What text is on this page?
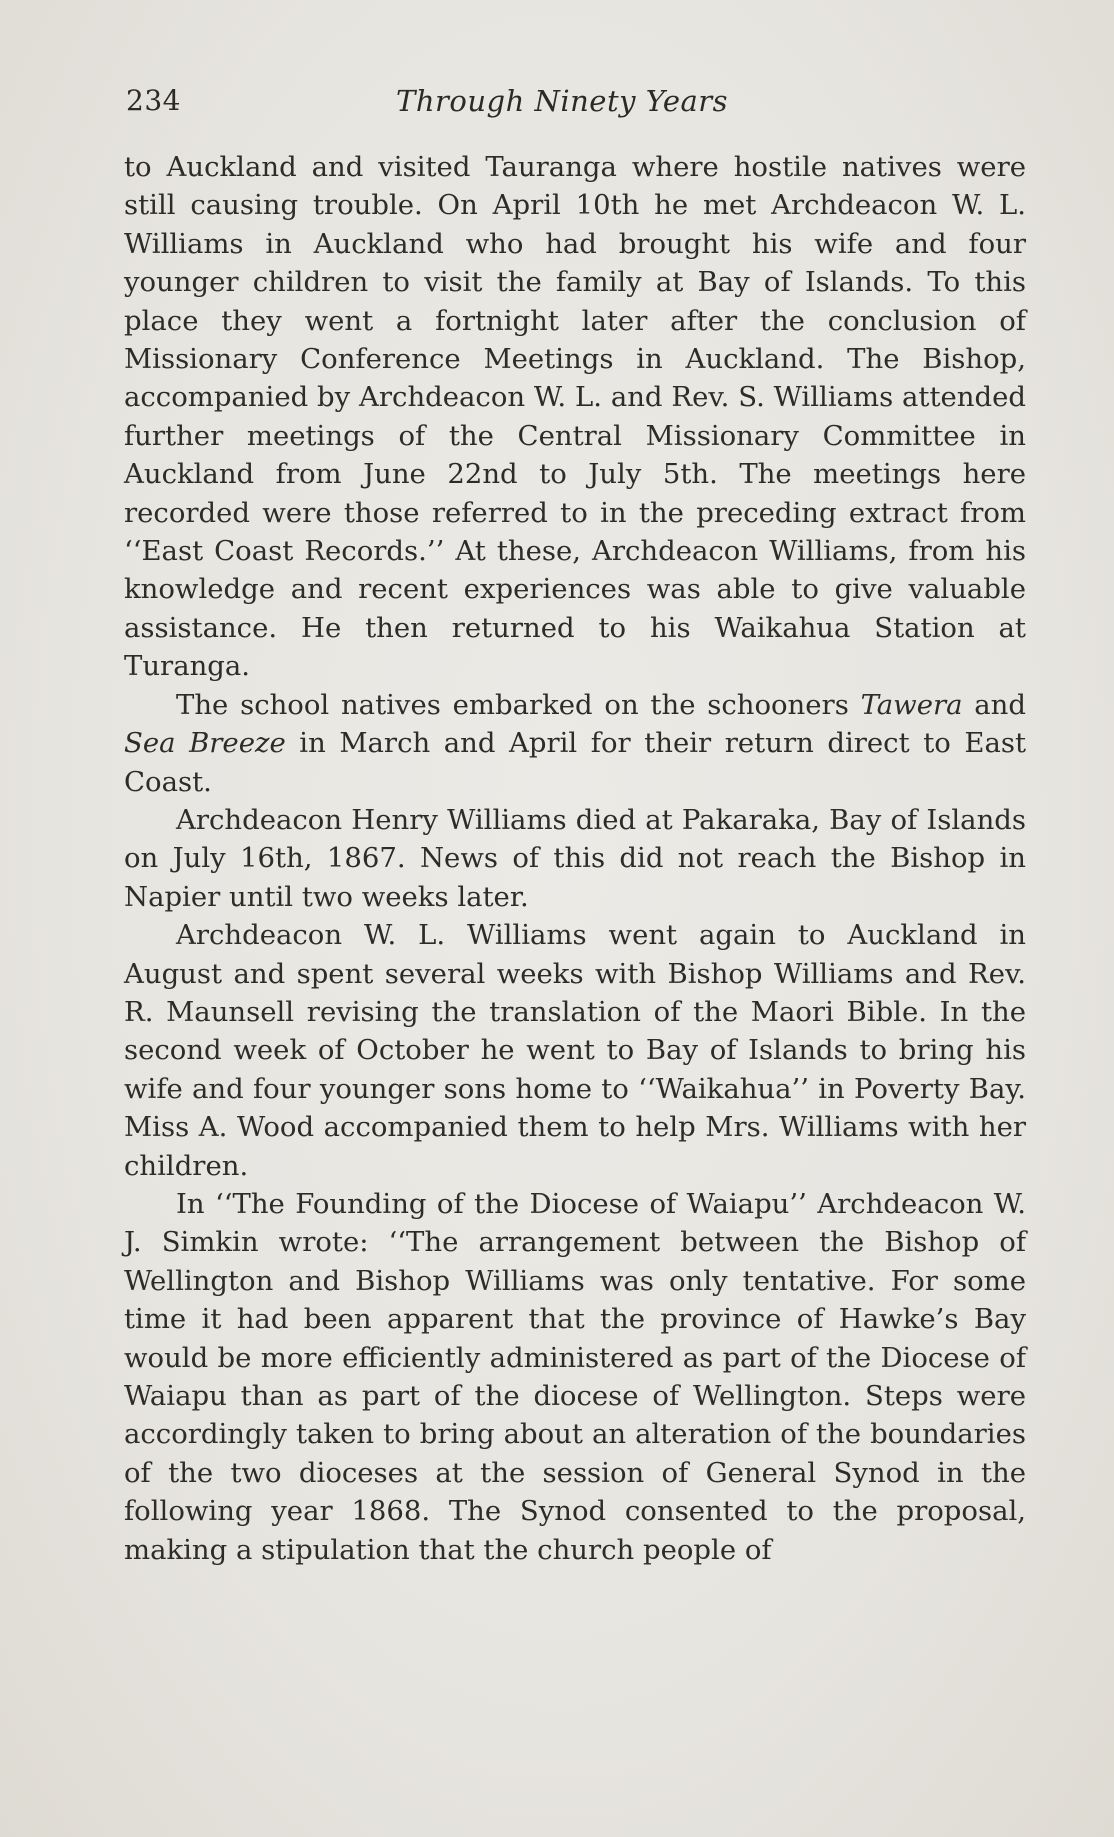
234	Through Ninety Years

to Auckland and visited Tauranga where hostile natives were still causing trouble. On April 10th he met Archdeacon W. L. Williams in Auckland who had brought his wife and four younger children to visit the family at Bay of Islands. To this place they went a fortnight later after the conclusion of Missionary Conference Meetings in Auckland. The Bishop, accompanied by Archdeacon W. L. and Rev. S. Williams attended further meetings of the Central Missionary Committee in Auckland from June 22nd to July 5th. The meetings here recorded were those referred to in the preceding extract from ‘‘East Coast Records.’’ At these, Archdeacon Williams, from his knowledge and recent experiences was able to give valuable assistance. He then returned to his Waikahua Station at Turanga.

The school natives embarked on the schooners Tawera and Sea Breeze in March and April for their return direct to East Coast.

Archdeacon Henry Williams died at Pakaraka, Bay of Islands on July 16th, 1867. News of this did not reach the Bishop in Napier until two weeks later.

Archdeacon W. L. Williams went again to Auckland in August and spent several weeks with Bishop Williams and Rev. R. Maunsell revising the translation of the Maori Bible. In the second week of October he went to Bay of Islands to bring his wife and four younger sons home to ‘‘Waikahua’’ in Poverty Bay. Miss A. Wood accompanied them to help Mrs. Williams with her children.

In ‘‘The Founding of the Diocese of Waiapu’’ Archdeacon W. J. Simkin wrote: ‘‘The arrangement between the Bishop of Wellington and Bishop Williams was only tentative. For some time it had been apparent that the province of Hawke’s Bay would be more efficiently administered as part of the Diocese of Waiapu than as part of the diocese of Wellington. Steps were accordingly taken to bring about an alteration of the boundaries of the two dioceses at the session of General Synod in the following year 1868. The Synod consented to the proposal, making a stipulation that the church people of
